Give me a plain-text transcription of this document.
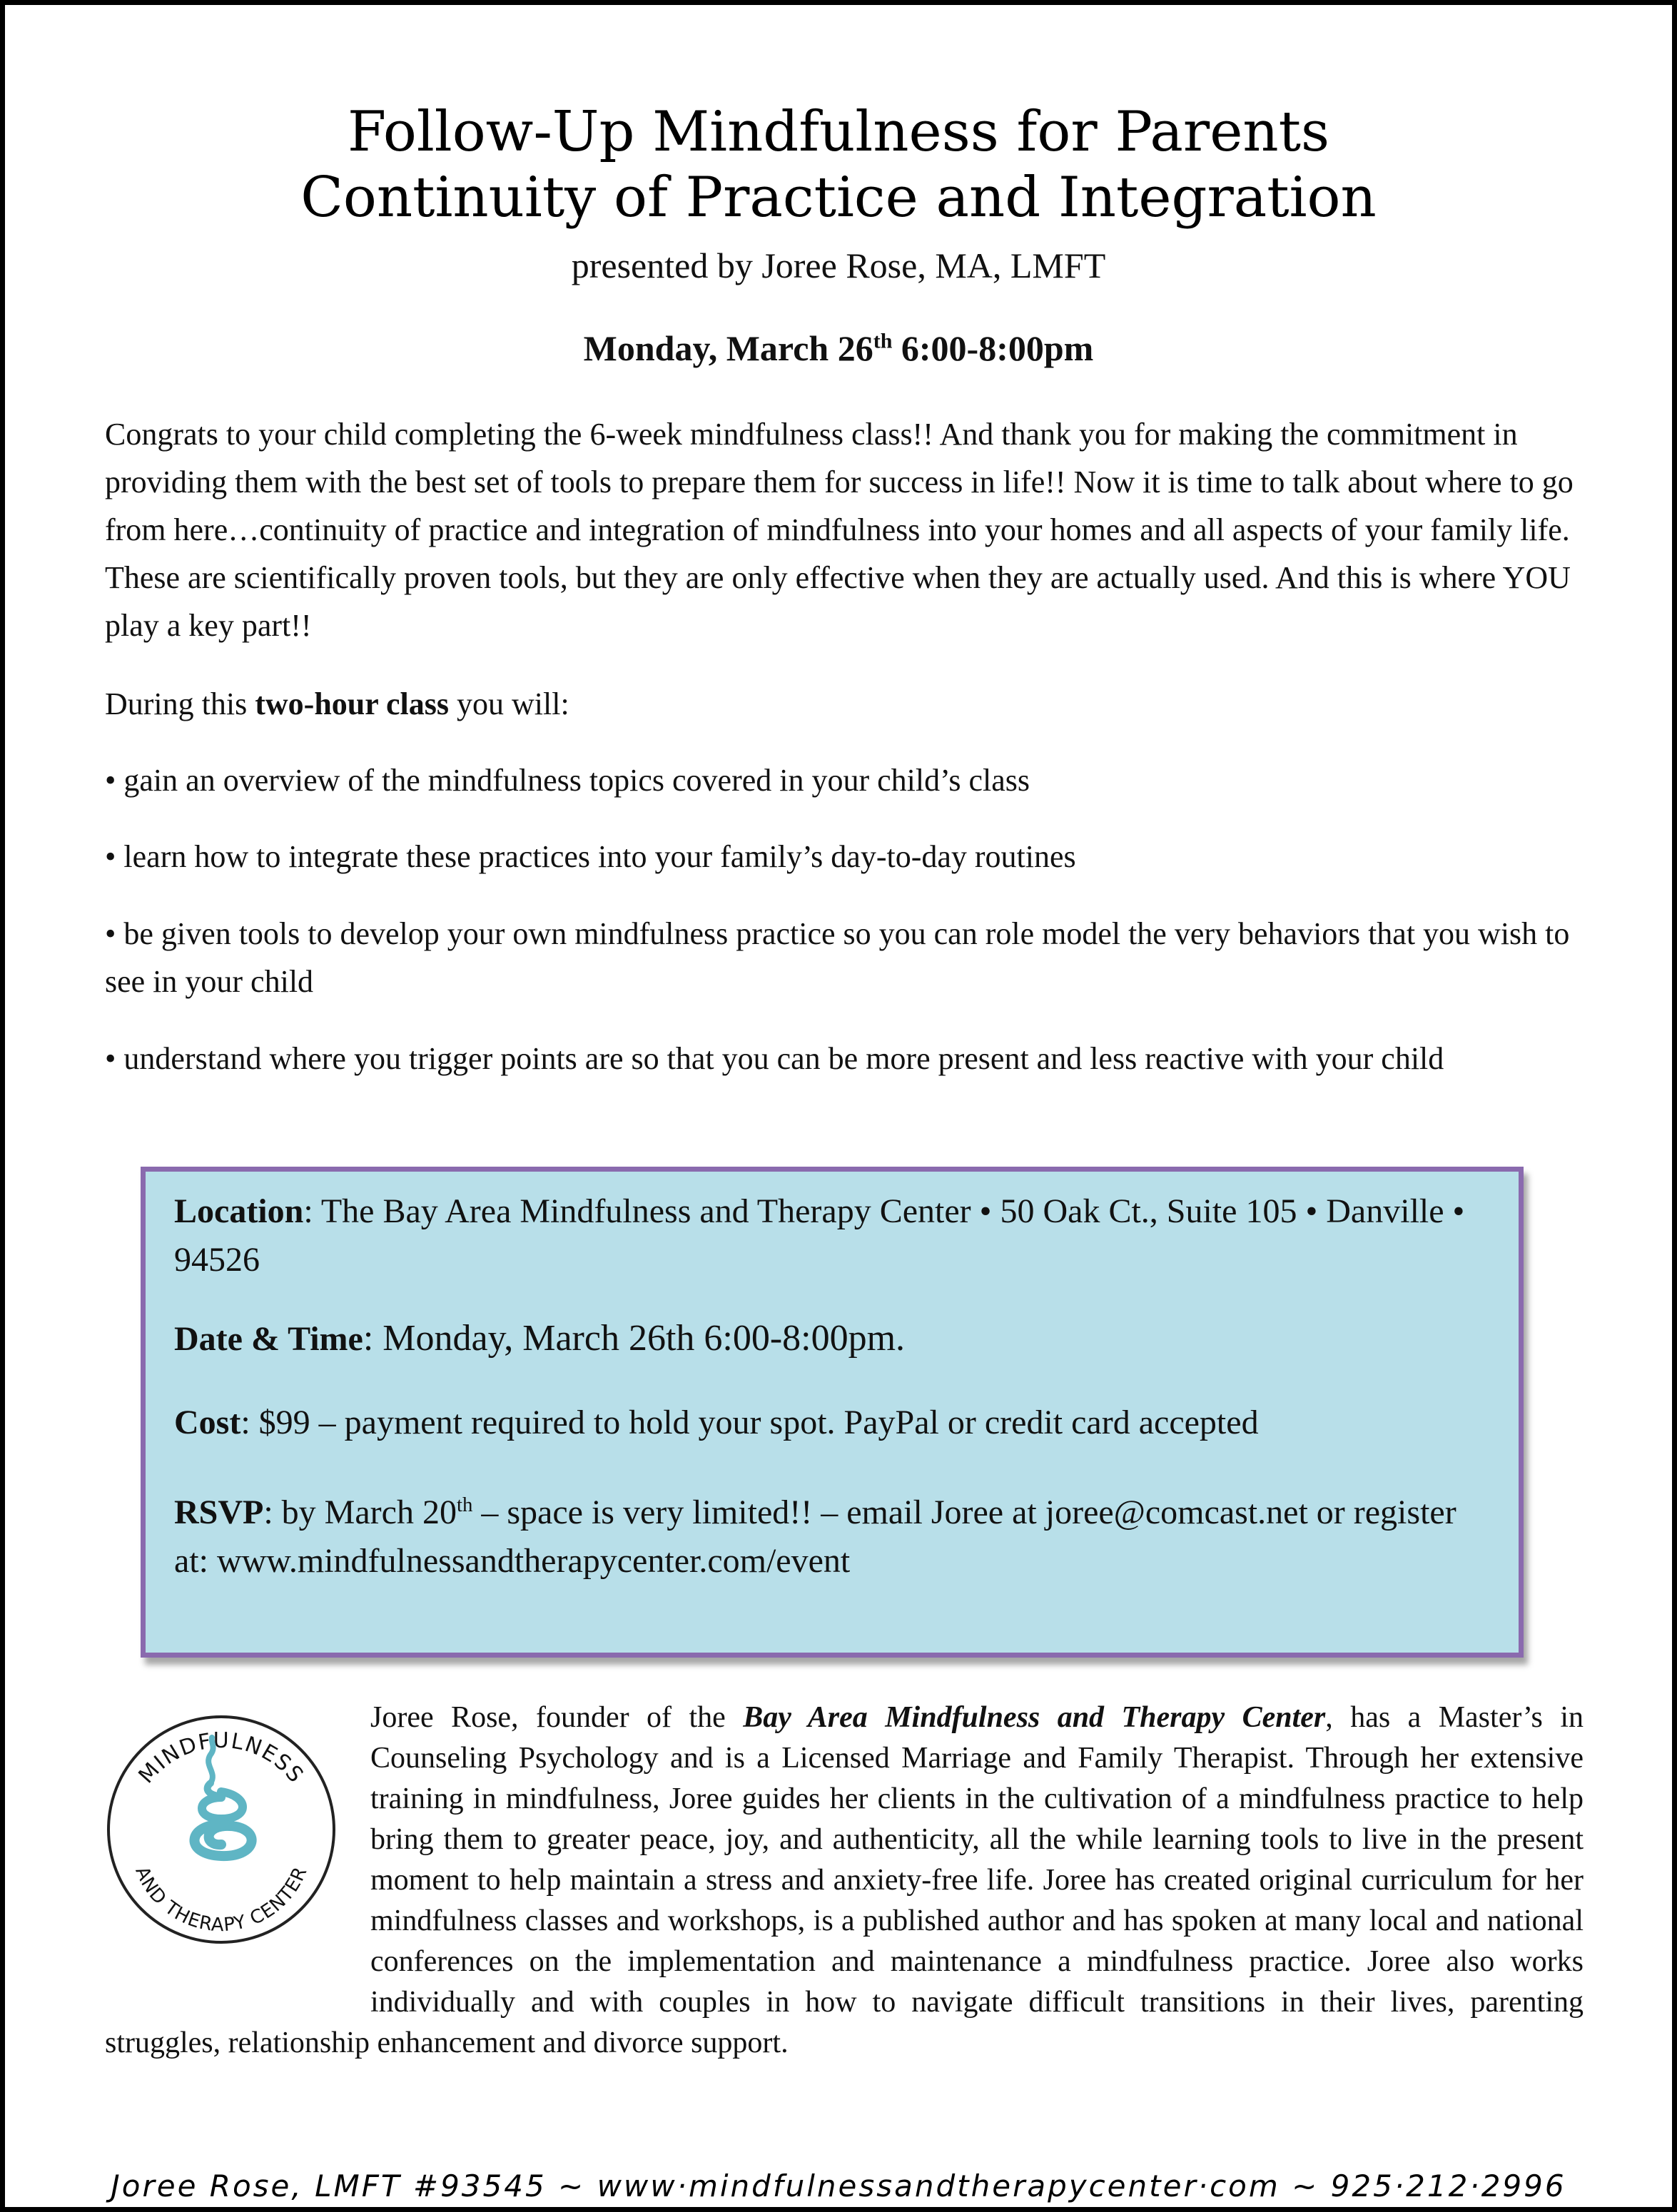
Follow-Up Mindfulness for Parents
Continuity of Practice and Integration
presented by Joree Rose, MA, LMFT
Monday, March 26th 6:00-8:00pm

Congrats to your child completing the 6-week mindfulness class!! And thank you for making the commitment in providing them with the best set of tools to prepare them for success in life!! Now it is time to talk about where to go from here…continuity of practice and integration of mindfulness into your homes and all aspects of your family life. These are scientifically proven tools, but they are only effective when they are actually used. And this is where YOU play a key part!!

During this two-hour class you will:

• gain an overview of the mindfulness topics covered in your child’s class

• learn how to integrate these practices into your family’s day-to-day routines

• be given tools to develop your own mindfulness practice so you can role model the very behaviors that you wish to see in your child

• understand where you trigger points are so that you can be more present and less reactive with your child

Location: The Bay Area Mindfulness and Therapy Center • 50 Oak Ct., Suite 105 • Danville • 94526

Date & Time: Monday, March 26th 6:00-8:00pm.

Cost: $99 – payment required to hold your spot. PayPal or credit card accepted

RSVP: by March 20th – space is very limited!! – email Joree at joree@comcast.net or register at: www.mindfulnessandtherapycenter.com/event

MINDFULNESS
AND THERAPY CENTER

Joree Rose, founder of the Bay Area Mindfulness and Therapy Center, has a Master’s in Counseling Psychology and is a Licensed Marriage and Family Therapist. Through her extensive training in mindfulness, Joree guides her clients in the cultivation of a mindfulness practice to help bring them to greater peace, joy, and authenticity, all the while learning tools to live in the present moment to help maintain a stress and anxiety-free life. Joree has created original curriculum for her mindfulness classes and workshops, is a published author and has spoken at many local and national conferences on the implementation and maintenance a mindfulness practice. Joree also works individually and with couples in how to navigate difficult transitions in their lives, parenting struggles, relationship enhancement and divorce support.

Joree Rose, LMFT #93545 ~ www·mindfulnessandtherapycenter·com ~ 925·212·2996
